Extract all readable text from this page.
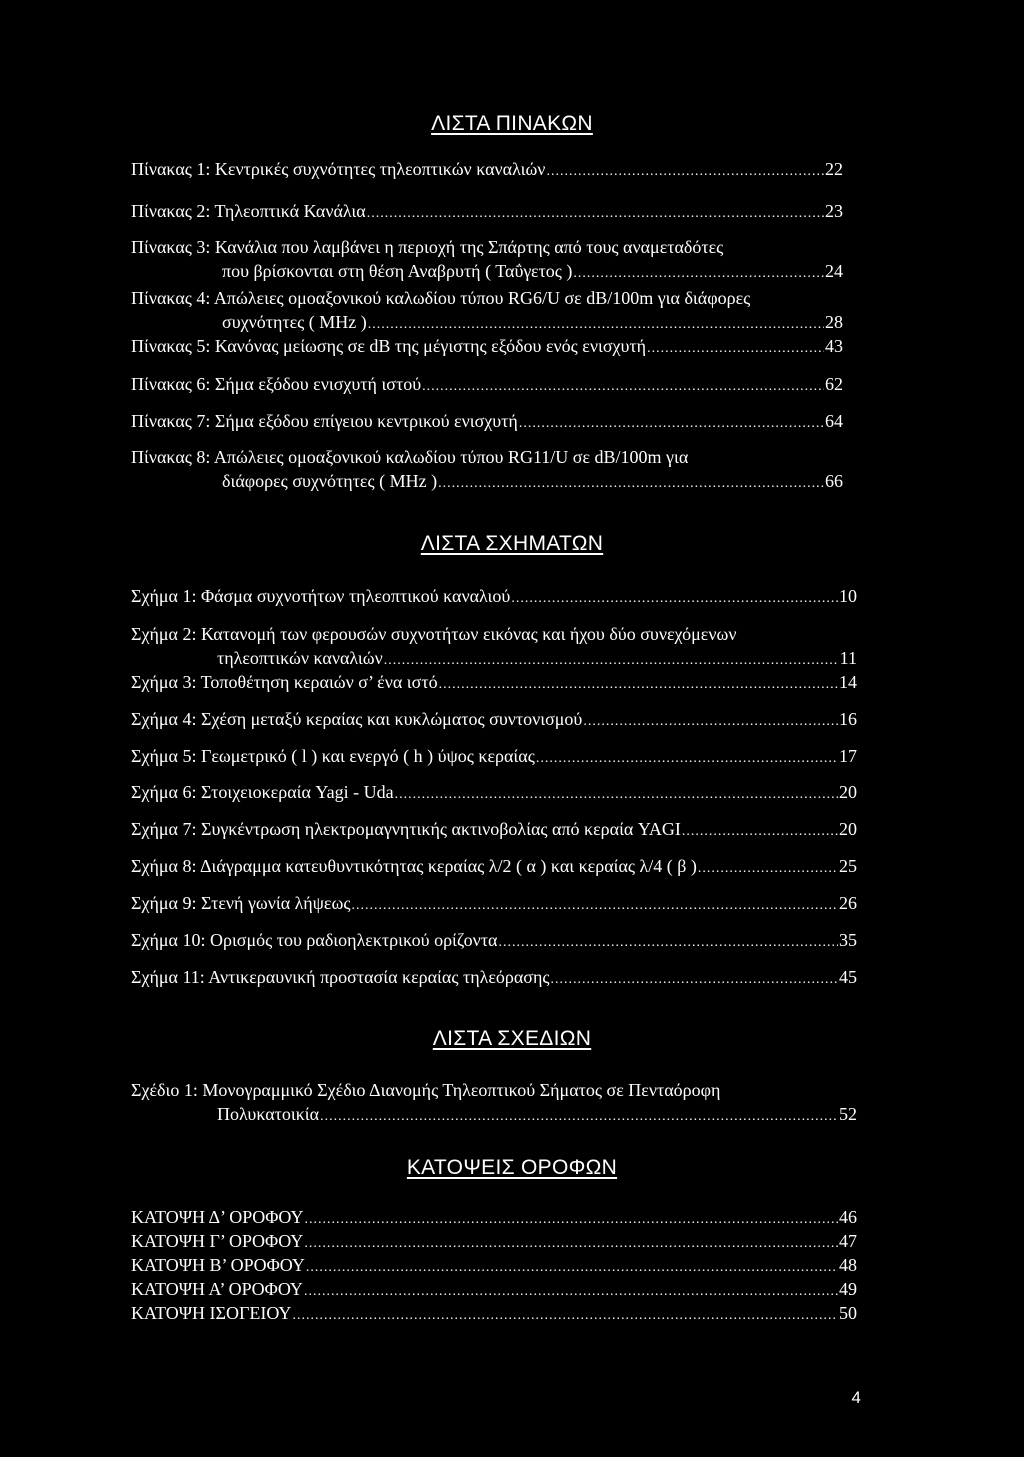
ΛΙΣΤΑ ΠΙΝΑΚΩΝ
Πίνακας 1: Κεντρικές συχνότητες τηλεοπτικών καναλιών .....	22
Πίνακας 2: Τηλεοπτικά Κανάλια .....	23
Πίνακας 3: Κανάλια που λαμβάνει η περιοχή της Σπάρτης από τους αναμεταδότες
που βρίσκονται στη θέση Αναβρυτή ( Ταΰγετος ) .....	24
Πίνακας 4: Απώλειες ομοαξονικού καλωδίου τύπου RG6/U σε dB/100m για διάφορες
συχνότητες ( MHz ) .....	28
Πίνακας 5: Κανόνας μείωσης σε dB της μέγιστης εξόδου ενός ενισχυτή .....	43
Πίνακας 6: Σήμα εξόδου ενισχυτή ιστού .....	62
Πίνακας 7: Σήμα εξόδου επίγειου κεντρικού ενισχυτή .....	64
Πίνακας 8: Απώλειες ομοαξονικού καλωδίου τύπου RG11/U σε dB/100m για
διάφορες συχνότητες ( MHz ) .....	66
ΛΙΣΤΑ ΣΧΗΜΑΤΩΝ
Σχήμα 1: Φάσμα συχνοτήτων τηλεοπτικού καναλιού .....	10
Σχήμα 2: Κατανομή των φερουσών συχνοτήτων εικόνας και ήχου δύο συνεχόμενων
τηλεοπτικών καναλιών .....	11
Σχήμα 3: Τοποθέτηση κεραιών σ’ ένα ιστό .....	14
Σχήμα 4: Σχέση μεταξύ κεραίας και κυκλώματος συντονισμού .....	16
Σχήμα 5: Γεωμετρικό ( l ) και ενεργό ( h ) ύψος κεραίας .....	17
Σχήμα 6: Στοιχειοκεραία Yagi - Uda .....	20
Σχήμα 7: Συγκέντρωση ηλεκτρομαγνητικής ακτινοβολίας από κεραία YAGI .....	20
Σχήμα 8: Διάγραμμα κατευθυντικότητας κεραίας λ/2 ( α ) και κεραίας λ/4 ( β ) .....	25
Σχήμα 9: Στενή γωνία λήψεως .....	26
Σχήμα 10: Ορισμός του ραδιοηλεκτρικού ορίζοντα .....	35
Σχήμα 11: Αντικεραυνική προστασία κεραίας τηλεόρασης .....	45
ΛΙΣΤΑ ΣΧΕΔΙΩΝ
Σχέδιο 1: Μονογραμμικό Σχέδιο Διανομής Τηλεοπτικού Σήματος σε Πενταόροφη
Πολυκατοικία .....	52
ΚΑΤΟΨΕΙΣ ΟΡΟΦΩΝ
ΚΑΤΟΨΗ Δ’ ΟΡΟΦΟΥ .....	46
ΚΑΤΟΨΗ Γ’ ΟΡΟΦΟΥ .....	47
ΚΑΤΟΨΗ Β’ ΟΡΟΦΟΥ .....	48
ΚΑΤΟΨΗ Α’ ΟΡΟΦΟΥ .....	49
ΚΑΤΟΨΗ ΙΣΟΓΕΙΟΥ .....	50
4
